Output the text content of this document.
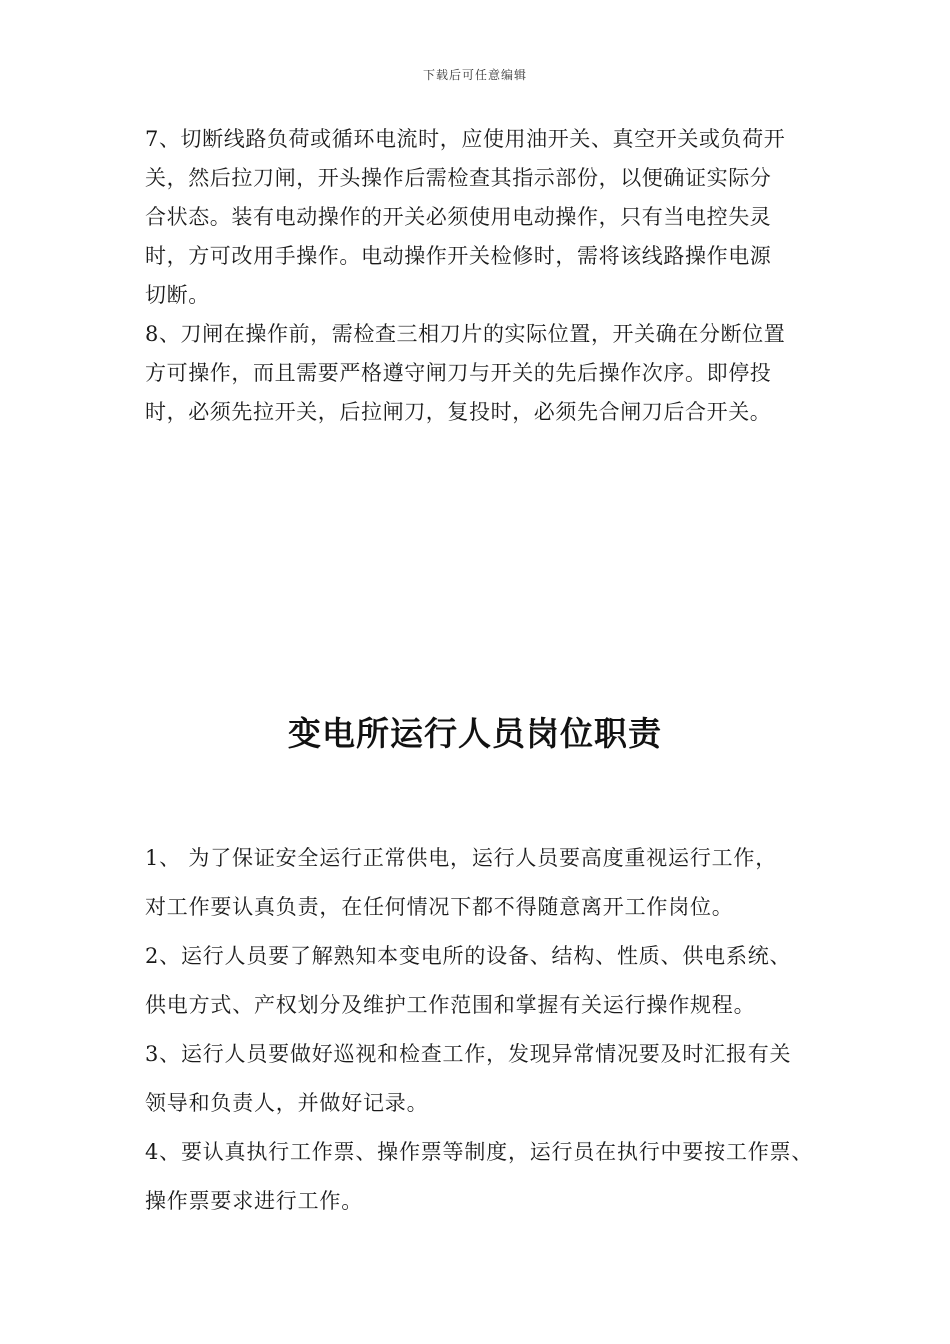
下载后可任意编辑
7、切断线路负荷或循环电流时，应使用油开关、真空开关或负荷开
关，然后拉刀闸，开头操作后需检查其指示部份，以便确证实际分
合状态。装有电动操作的开关必须使用电动操作，只有当电控失灵
时，方可改用手操作。电动操作开关检修时，需将该线路操作电源
切断。
8、刀闸在操作前，需检查三相刀片的实际位置，开关确在分断位置
方可操作，而且需要严格遵守闸刀与开关的先后操作次序。即停投
时，必须先拉开关，后拉闸刀，复投时，必须先合闸刀后合开关。
变电所运行人员岗位职责
1、 为了保证安全运行正常供电，运行人员要高度重视运行工作，
对工作要认真负责，在任何情况下都不得随意离开工作岗位。
2、运行人员要了解熟知本变电所的设备、结构、性质、供电系统、
供电方式、产权划分及维护工作范围和掌握有关运行操作规程。
3、运行人员要做好巡视和检查工作，发现异常情况要及时汇报有关
领导和负责人，并做好记录。
4、要认真执行工作票、操作票等制度，运行员在执行中要按工作票、
操作票要求进行工作。
